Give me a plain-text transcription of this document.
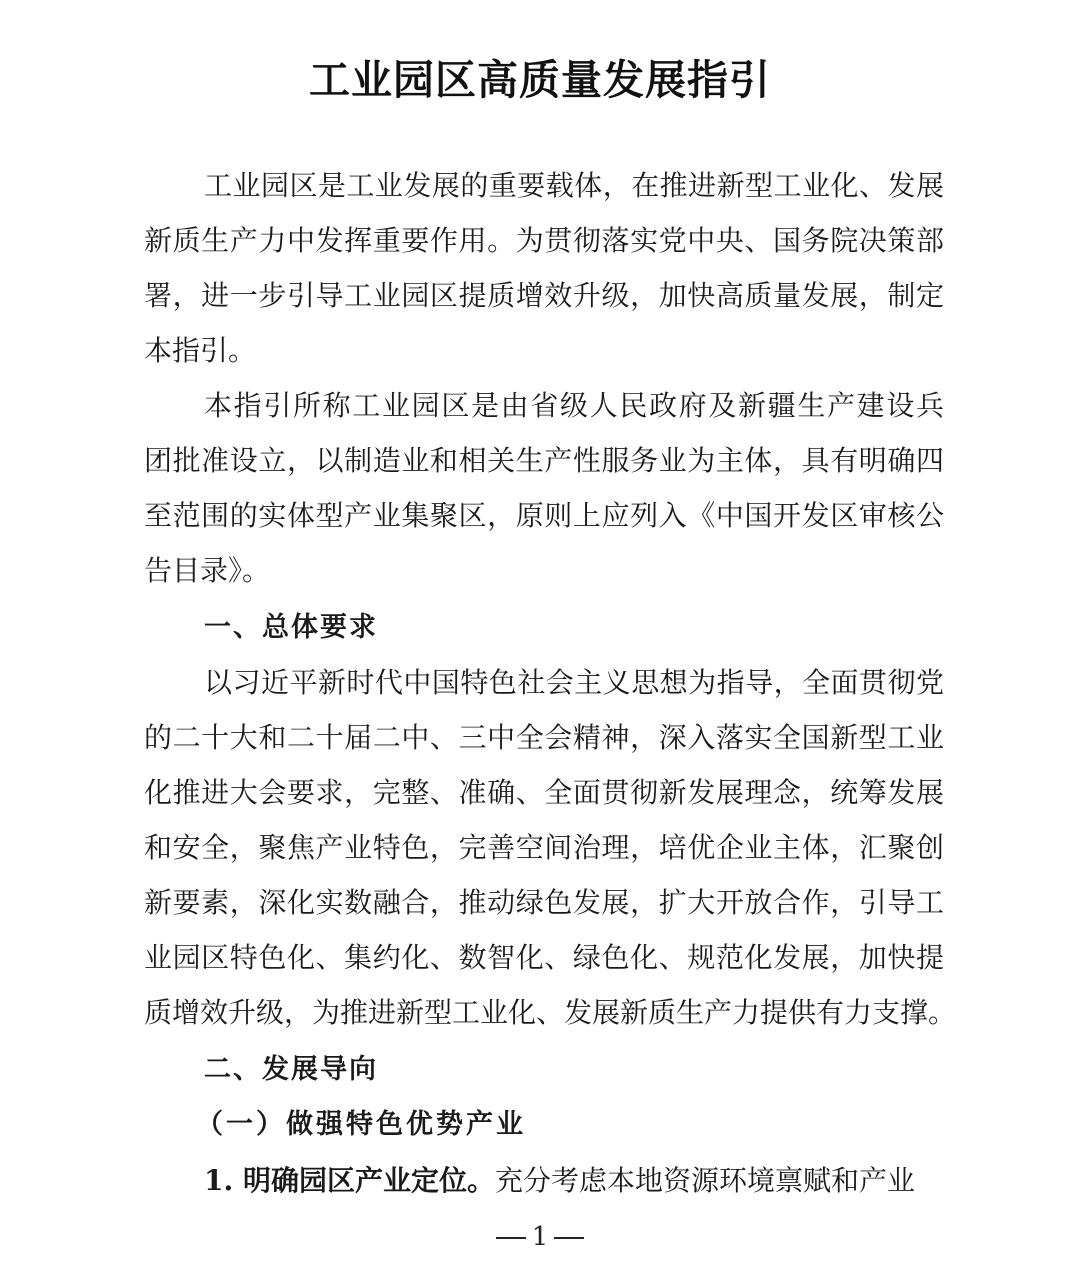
工业园区高质量发展指引
工业园区是工业发展的重要载体，在推进新型工业化、发展
新质生产力中发挥重要作用。为贯彻落实党中央、国务院决策部
署，进一步引导工业园区提质增效升级，加快高质量发展，制定
本指引。
本指引所称工业园区是由省级人民政府及新疆生产建设兵
团批准设立，以制造业和相关生产性服务业为主体，具有明确四
至范围的实体型产业集聚区，原则上应列入《中国开发区审核公
告目录》。
一、总体要求
以习近平新时代中国特色社会主义思想为指导，全面贯彻党
的二十大和二十届二中、三中全会精神，深入落实全国新型工业
化推进大会要求，完整、准确、全面贯彻新发展理念，统筹发展
和安全，聚焦产业特色，完善空间治理，培优企业主体，汇聚创
新要素，深化实数融合，推动绿色发展，扩大开放合作，引导工
业园区特色化、集约化、数智化、绿色化、规范化发展，加快提
质增效升级，为推进新型工业化、发展新质生产力提供有力支撑。
二、发展导向
（一）做强特色优势产业
1. 明确园区产业定位。充分考虑本地资源环境禀赋和产业
1
